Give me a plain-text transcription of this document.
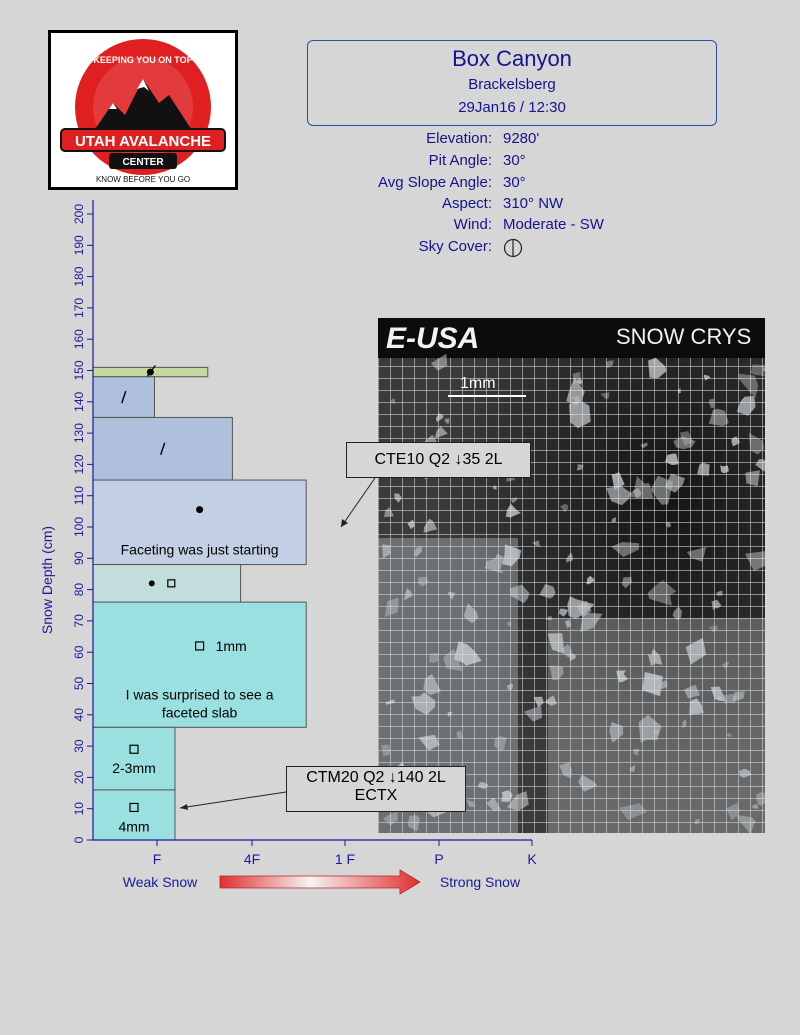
KEEPING YOU ON TOP
UTAH AVALANCHE
CENTER
KNOW BEFORE YOU GO
Box Canyon
Brackelsberg
29Jan16 / 12:30
Elevation: 9280'
Pit Angle: 30°
Avg Slope Angle: 30°
Aspect: 310° NW
Wind: Moderate - SW
Sky Cover:
E-USA	SNOW CRYS
1mm
Faceting was just starting
1mm
I was surprised to see a
faceted slab
2-3mm
4mm
0
10
20
30
40
50
60
70
80
90
100
110
120
130
140
150
160
170
180
190
200
F	4F	1 F	P	K
Snow Depth (cm)
Weak Snow	Strong Snow
CTE10 Q2 ↓35 2L
CTM20 Q2 ↓140 2L
ECTX
